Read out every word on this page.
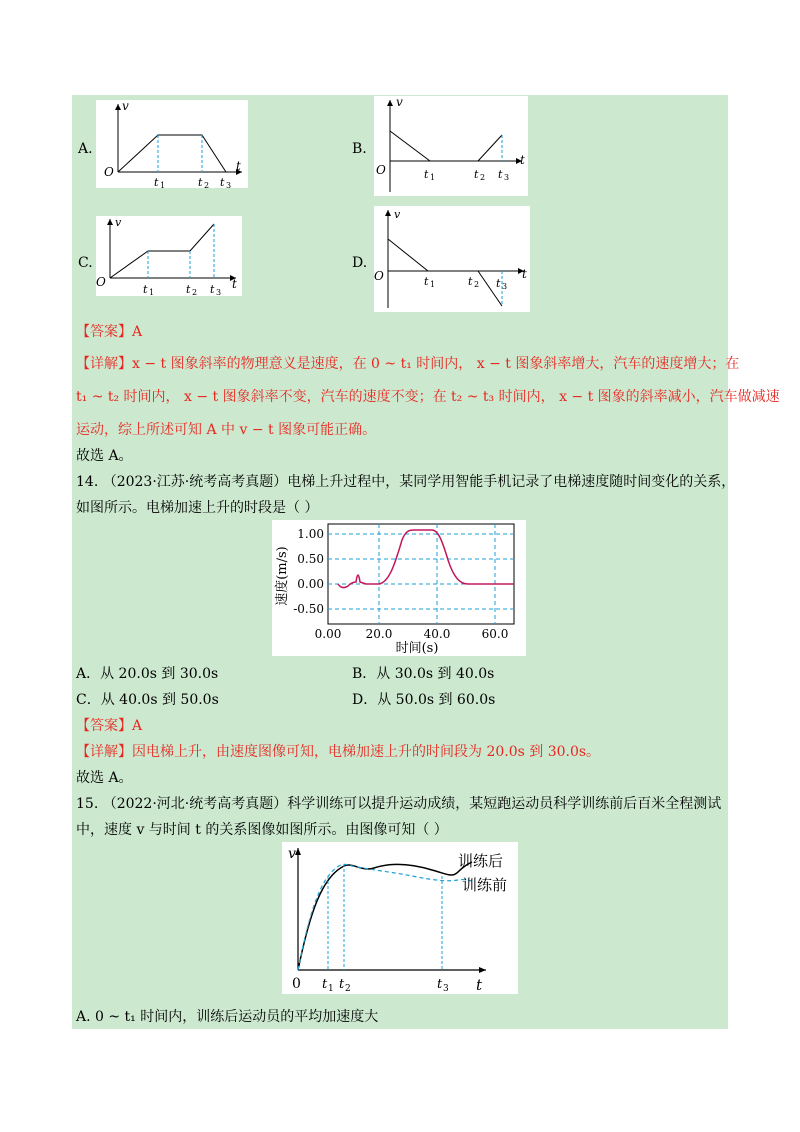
A.
v
O	t
t 1	t 2 t 3
B.
v
O
t
t 1	t 2 t 3
C.
v
O	t
t 1	t 2 t 3
D.
v
O	t
t 1	t 2 t 3
【答案】A
【详解】x − t 图象斜率的物理意义是速度，在 0 ~ t₁ 时间内， x − t 图象斜率增大，汽车的速度增大；在
t₁ ~ t₂ 时间内， x − t 图象斜率不变，汽车的速度不变；在 t₂ ~ t₃ 时间内， x − t 图象的斜率减小，汽车做减速
运动，综上所述可知 A 中 v − t 图象可能正确。
故选 A。
14. （2023·江苏·统考高考真题）电梯上升过程中，某同学用智能手机记录了电梯速度随时间变化的关系，
如图所示。电梯加速上升的时段是（ ）
1.00
0.50
0.00
-0.50
0.00 20.0	40.0	60.0
时间(s)
速度(m/s)
A．从 20.0s 到 30.0s	B．从 30.0s 到 40.0s
C．从 40.0s 到 50.0s	D．从 50.0s 到 60.0s
【答案】A
【详解】因电梯上升，由速度图像可知，电梯加速上升的时间段为 20.0s 到 30.0s。
故选 A。
15. （2022·河北·统考高考真题）科学训练可以提升运动成绩，某短跑运动员科学训练前后百米全程测试
中，速度 v 与时间 t 的关系图像如图所示。由图像可知（ ）
v
0	t
t 1 t 2	t 3
训练后
训练前
A. 0 ~ t₁ 时间内，训练后运动员的平均加速度大
